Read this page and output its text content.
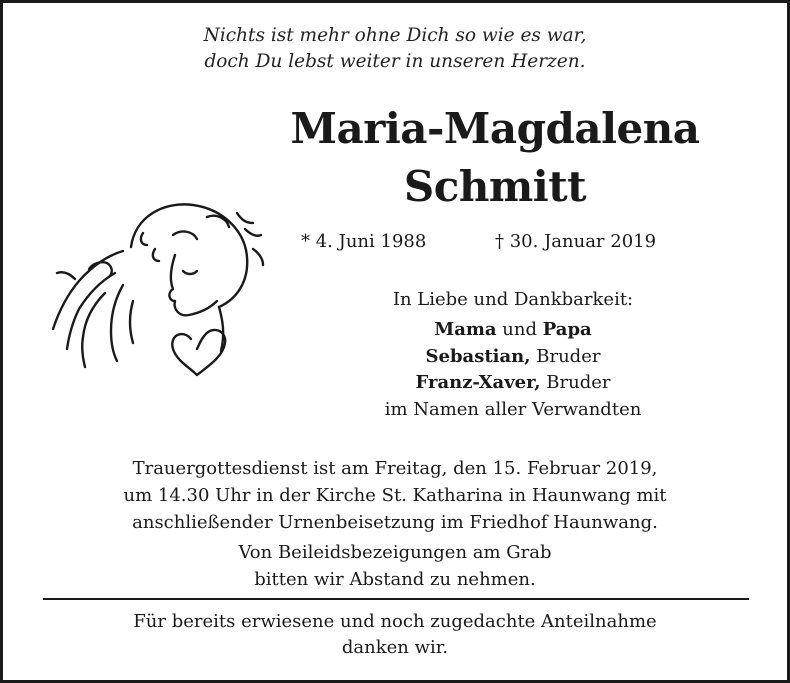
Nichts ist mehr ohne Dich so wie es war,
doch Du lebst weiter in unseren Herzen.
Maria-Magdalena
Schmitt
* 4. Juni 1988	† 30. Januar 2019
In Liebe und Dankbarkeit:
Mama und Papa
Sebastian, Bruder
Franz-Xaver, Bruder
im Namen aller Verwandten
Trauergottesdienst ist am Freitag, den 15. Februar 2019,
um 14.30 Uhr in der Kirche St. Katharina in Haunwang mit
anschließender Urnenbeisetzung im Friedhof Haunwang.
Von Beileidsbezeigungen am Grab
bitten wir Abstand zu nehmen.
Für bereits erwiesene und noch zugedachte Anteilnahme
danken wir.
